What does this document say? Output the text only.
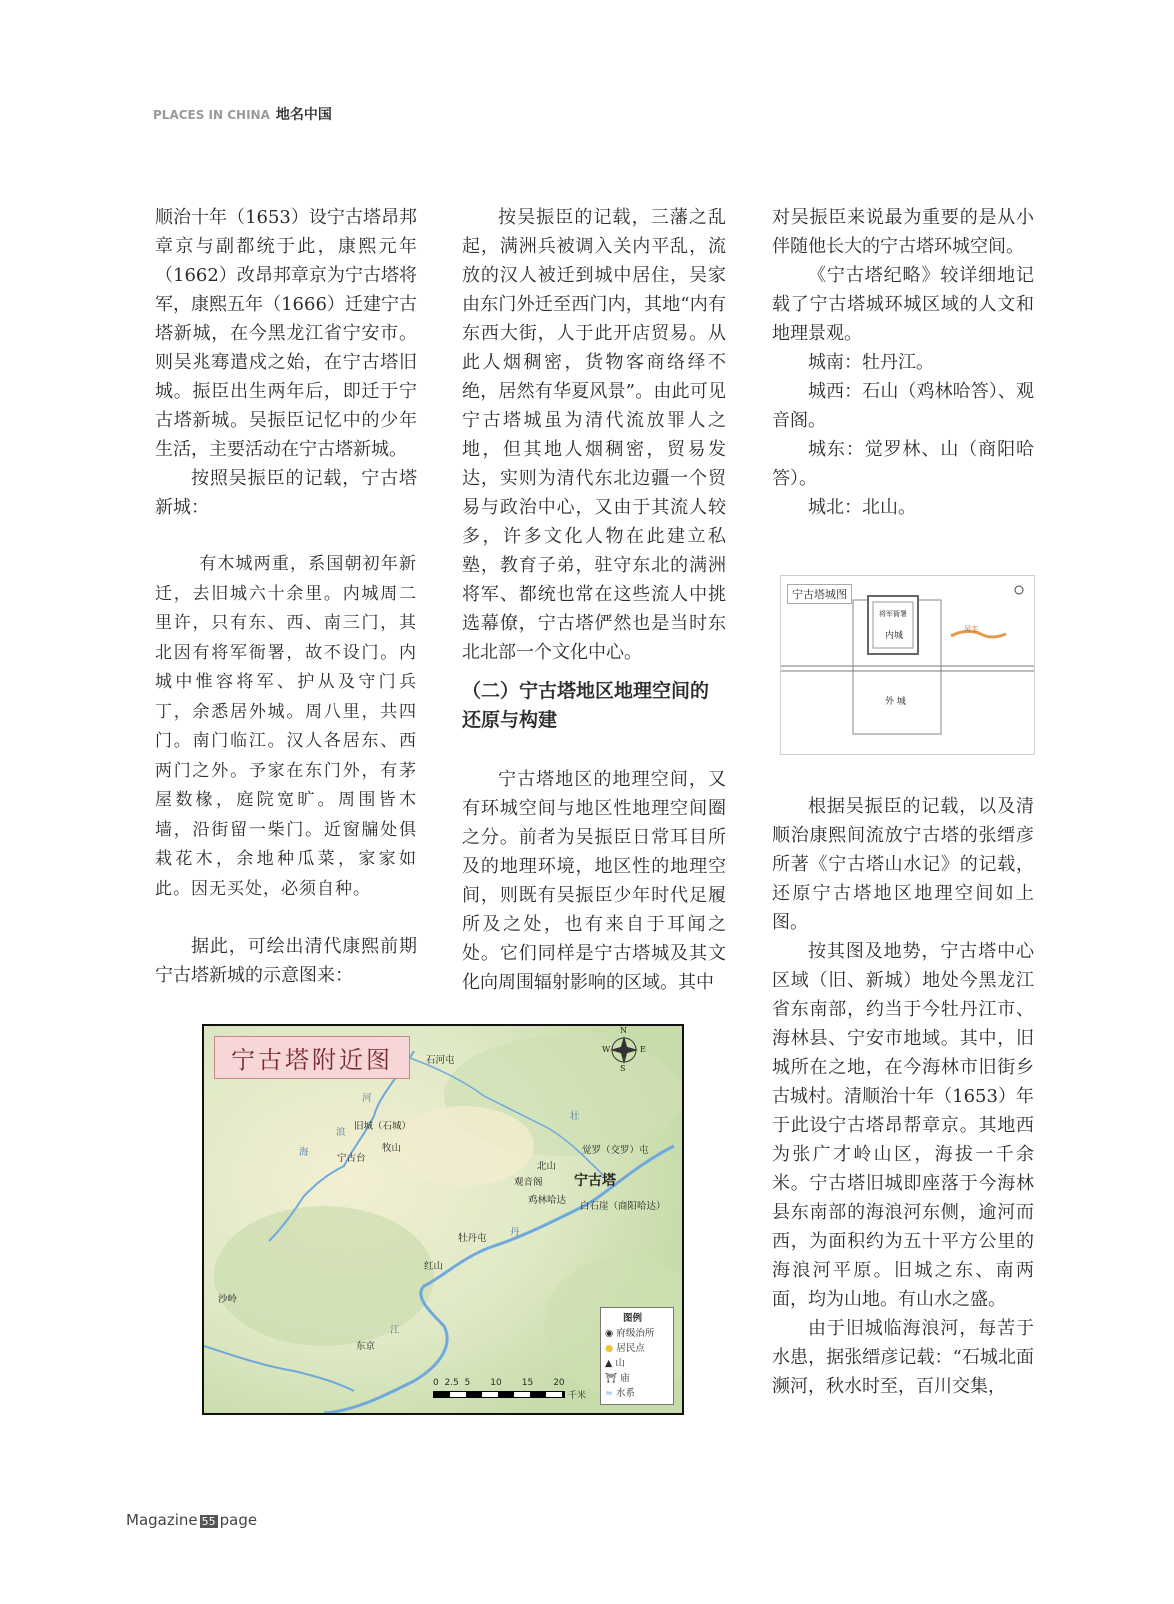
PLACES IN CHINA 地名中国

顺治十年（1653）设宁古塔昂邦章京与副都统于此，康熙元年（1662）改昂邦章京为宁古塔将军，康熙五年（1666）迁建宁古塔新城，在今黑龙江省宁安市。则吴兆骞遣戍之始，在宁古塔旧城。振臣出生两年后，即迁于宁古塔新城。吴振臣记忆中的少年生活，主要活动在宁古塔新城。

按照吴振臣的记载，宁古塔新城：

有木城两重，系国朝初年新迁，去旧城六十余里。内城周二里许，只有东、西、南三门，其北因有将军衙署，故不设门。内城中惟容将军、护从及守门兵丁，余悉居外城。周八里，共四门。南门临江。汉人各居东、西两门之外。予家在东门外，有茅屋数椽，庭院宽旷。周围皆木墙，沿街留一柴门。近窗牖处俱栽花木，余地种瓜菜，家家如此。因无买处，必须自种。

据此，可绘出清代康熙前期宁古塔新城的示意图来：

按吴振臣的记载，三藩之乱起，满洲兵被调入关内平乱，流放的汉人被迁到城中居住，吴家由东门外迁至西门内，其地“内有东西大街，人于此开店贸易。从此人烟稠密，货物客商络绎不绝，居然有华夏风景”。由此可见宁古塔城虽为清代流放罪人之地，但其地人烟稠密，贸易发达，实则为清代东北边疆一个贸易与政治中心，又由于其流人较多，许多文化人物在此建立私塾，教育子弟，驻守东北的满洲将军、都统也常在这些流人中挑选幕僚，宁古塔俨然也是当时东北北部一个文化中心。

（二）宁古塔地区地理空间的
还原与构建

宁古塔地区的地理空间，又有环城空间与地区性地理空间圈之分。前者为吴振臣日常耳目所及的地理环境，地区性的地理空间，则既有吴振臣少年时代足履所及之处，也有来自于耳闻之处。它们同样是宁古塔城及其文化向周围辐射影响的区域。其中

对吴振臣来说最为重要的是从小伴随他长大的宁古塔环城空间。

《宁古塔纪略》较详细地记载了宁古塔城环城区域的人文和地理景观。

城南：牡丹江。

城西：石山（鸡林哈答）、观音阁。

城东：觉罗林、山（商阳哈答）。

城北：北山。

根据吴振臣的记载，以及清顺治康熙间流放宁古塔的张缙彦所著《宁古塔山水记》的记载，还原宁古塔地区地理空间如上图。

按其图及地势，宁古塔中心区域（旧、新城）地处今黑龙江省东南部，约当于今牡丹江市、海林县、宁安市地域。其中，旧城所在之地，在今海林市旧街乡古城村。清顺治十年（1653）年于此设宁古塔昂帮章京。其地西为张广才岭山区，海拔一千余米。宁古塔旧城即座落于今海林县东南部的海浪河东侧，逾河而西，为面积约为五十平方公里的海浪河平原。旧城之东、南两面，均为山地。有山水之盛。

由于旧城临海浪河，每苦于水患，据张缙彦记载：“石城北面濒河，秋水时至，百川交集，

宁古塔城图
将军衙署
内城
外 城
吴宅
宁古塔附近图	石河屯
河
旧城（石城）
浪
海
宁古台
牧山
壮
觉罗（交罗）屯
北山
观音阁 宁古塔
鸡林哈达
白石崖（商阳哈达）
牡丹屯
丹
红山
沙岭
江
东京
N
S
W	E
0  2.5  5       10       15       20
千米
图例
◉ 府级治所
● 居民点
▲ 山
⛩ 庙
≈ 水系
Magazine 55 page
